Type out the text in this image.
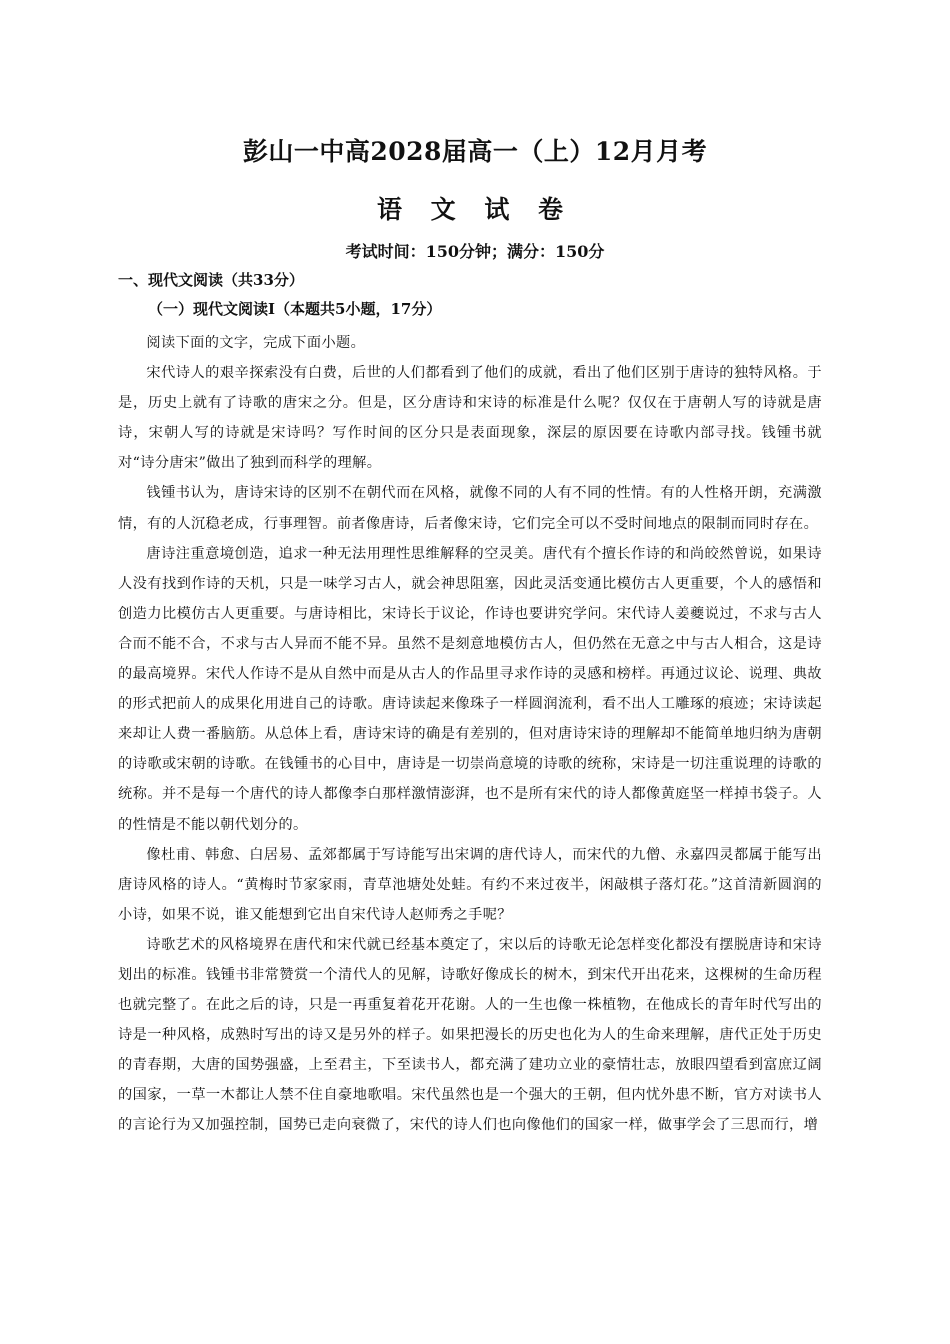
彭山一中高2028届高一（上）12月月考
语 文 试 卷
考试时间：150分钟；满分：150分
一、现代文阅读（共33分）
（一）现代文阅读Ⅰ（本题共5小题，17分）

阅读下面的文字，完成下面小题。

宋代诗人的艰辛探索没有白费，后世的人们都看到了他们的成就，看出了他们区别于唐诗的独特风格。于是，历史上就有了诗歌的唐宋之分。但是，区分唐诗和宋诗的标准是什么呢？仅仅在于唐朝人写的诗就是唐诗，宋朝人写的诗就是宋诗吗？写作时间的区分只是表面现象，深层的原因要在诗歌内部寻找。钱锺书就对“诗分唐宋”做出了独到而科学的理解。

钱锺书认为，唐诗宋诗的区别不在朝代而在风格，就像不同的人有不同的性情。有的人性格开朗，充满激情，有的人沉稳老成，行事理智。前者像唐诗，后者像宋诗，它们完全可以不受时间地点的限制而同时存在。

唐诗注重意境创造，追求一种无法用理性思维解释的空灵美。唐代有个擅长作诗的和尚皎然曾说，如果诗人没有找到作诗的天机，只是一味学习古人，就会神思阻塞，因此灵活变通比模仿古人更重要，个人的感悟和创造力比模仿古人更重要。与唐诗相比，宋诗长于议论，作诗也要讲究学问。宋代诗人姜夔说过，不求与古人合而不能不合，不求与古人异而不能不异。虽然不是刻意地模仿古人，但仍然在无意之中与古人相合，这是诗的最高境界。宋代人作诗不是从自然中而是从古人的作品里寻求作诗的灵感和榜样。再通过议论、说理、典故的形式把前人的成果化用进自己的诗歌。唐诗读起来像珠子一样圆润流利，看不出人工雕琢的痕迹；宋诗读起来却让人费一番脑筋。从总体上看，唐诗宋诗的确是有差别的，但对唐诗宋诗的理解却不能简单地归纳为唐朝的诗歌或宋朝的诗歌。在钱锺书的心目中，唐诗是一切崇尚意境的诗歌的统称，宋诗是一切注重说理的诗歌的统称。并不是每一个唐代的诗人都像李白那样激情澎湃，也不是所有宋代的诗人都像黄庭坚一样掉书袋子。人的性情是不能以朝代划分的。

像杜甫、韩愈、白居易、孟郊都属于写诗能写出宋调的唐代诗人，而宋代的九僧、永嘉四灵都属于能写出唐诗风格的诗人。“黄梅时节家家雨，青草池塘处处蛙。有约不来过夜半，闲敲棋子落灯花。”这首清新圆润的小诗，如果不说，谁又能想到它出自宋代诗人赵师秀之手呢？

诗歌艺术的风格境界在唐代和宋代就已经基本奠定了，宋以后的诗歌无论怎样变化都没有摆脱唐诗和宋诗划出的标准。钱锺书非常赞赏一个清代人的见解，诗歌好像成长的树木，到宋代开出花来，这棵树的生命历程也就完整了。在此之后的诗，只是一再重复着花开花谢。人的一生也像一株植物，在他成长的青年时代写出的诗是一种风格，成熟时写出的诗又是另外的样子。如果把漫长的历史也化为人的生命来理解，唐代正处于历史的青春期，大唐的国势强盛，上至君主，下至读书人，都充满了建功立业的豪情壮志，放眼四望看到富庶辽阔的国家，一草一木都让人禁不住自豪地歌唱。宋代虽然也是一个强大的王朝，但内忧外患不断，官方对读书人的言论行为又加强控制，国势已走向衰微了，宋代的诗人们也向像他们的国家一样，做事学会了三思而行，增
